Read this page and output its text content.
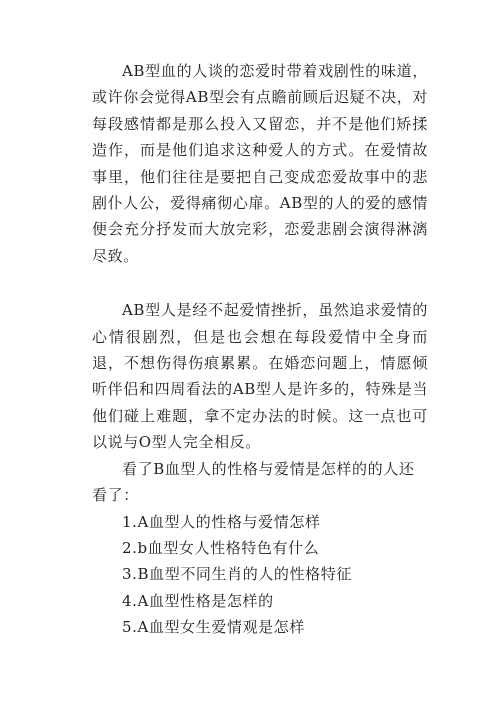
AB型血的人谈的恋爱时带着戏剧性的味道，或许你会觉得AB型会有点瞻前顾后迟疑不决，对每段感情都是那么投入又留恋，并不是他们矫揉造作，而是他们追求这种爱人的方式。在爱情故事里，他们往往是要把自己变成恋爱故事中的悲剧仆人公，爱得痛彻心扉。AB型的人的爱的感情便会充分抒发而大放完彩，恋爱悲剧会演得淋漓尽致。

AB型人是经不起爱情挫折，虽然追求爱情的心情很剧烈，但是也会想在每段爱情中全身而退，不想伤得伤痕累累。在婚恋问题上，情愿倾听伴侣和四周看法的AB型人是许多的，特殊是当他们碰上难题，拿不定办法的时候。这一点也可以说与O型人完全相反。

看了B血型人的性格与爱情是怎样的的人还看了：

1.A血型人的性格与爱情怎样
2.b血型女人性格特色有什么
3.B血型不同生肖的人的性格特征
4.A血型性格是怎样的
5.A血型女生爱情观是怎样
